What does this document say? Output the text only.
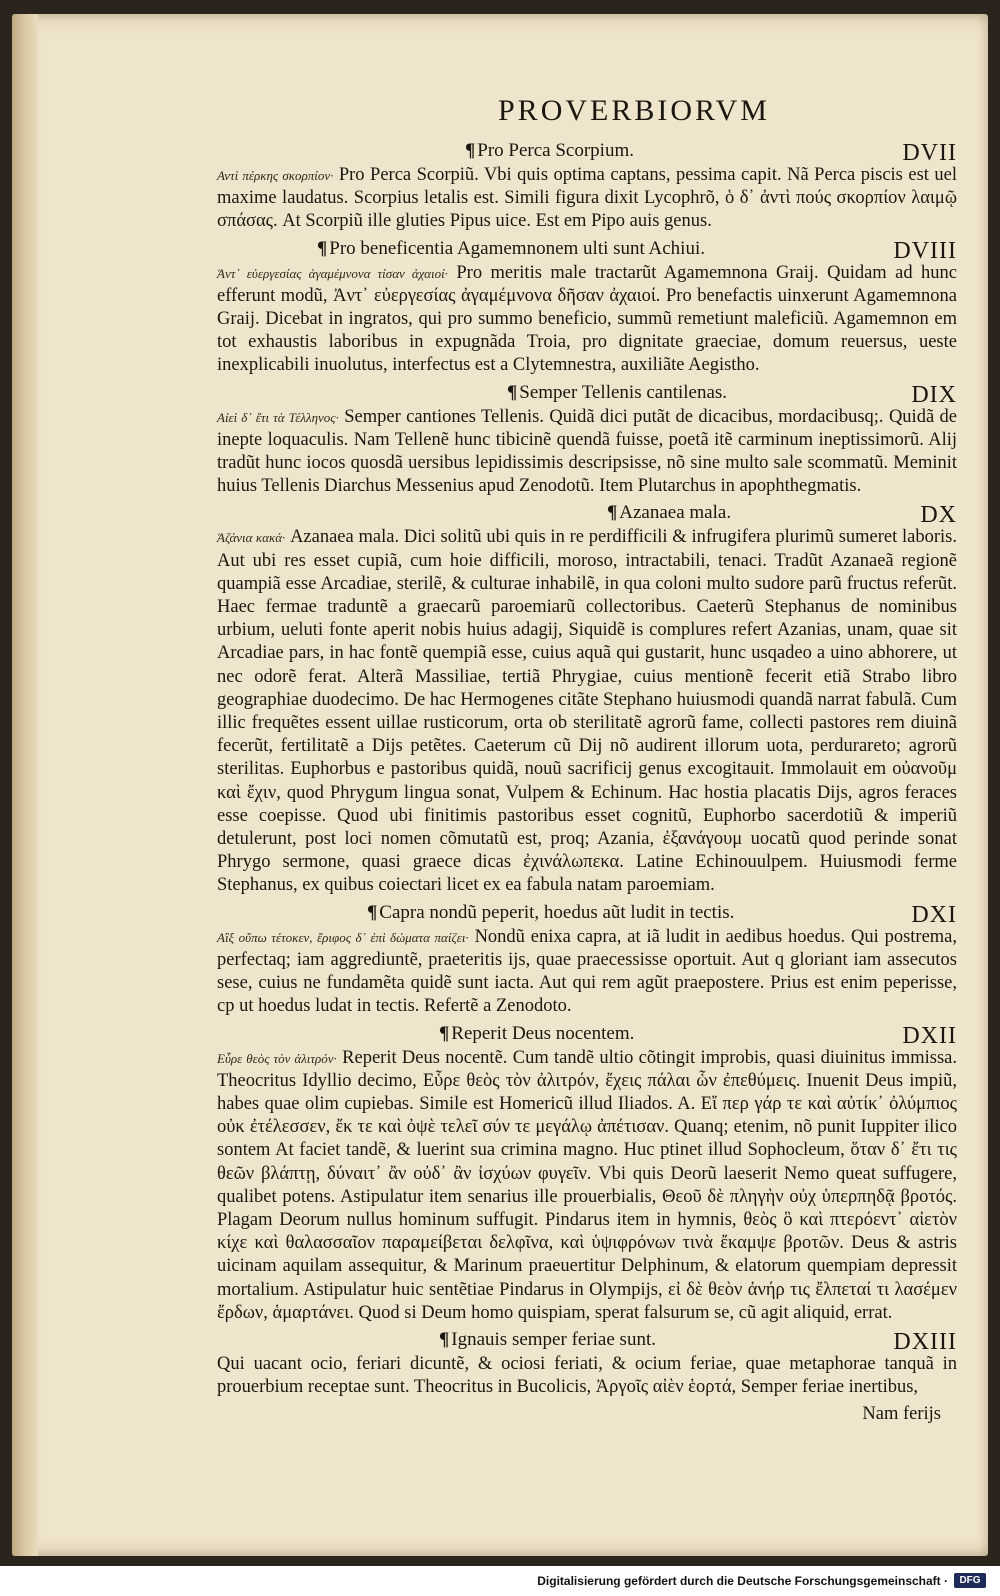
PROVERBIORVM
¶ Pro Perca Scorpium.	DVII

Αντὶ πέρκης σκορπίον· Pro Perca Scorpiũ. Vbi quis optima captans, pessima capit. Nã Perca piscis est uel maxime laudatus. Scorpius letalis est. Simili figura dixit Lycophrõ, ὁ δ᾽ ἀντὶ πούς σκορπίον λαιμῷ σπάσας. At Scorpiũ ille gluties Pipus uice. Est em Pipo auis genus.

¶ Pro beneficentia Agamemnonem ulti sunt Achiui.	DVIII

Ἀντ᾽ εὐεργεσίας ἀγαμέμνονα τίσαν ἀχαιοί· Pro meritis male tractarũt Agamemnona Graij. Quidam ad hunc efferunt modũ, Ἀντ᾽ εὐεργεσίας ἀγαμέμνονα δῆσαν ἀχαιοί. Pro benefactis uinxerunt Agamemnona Graij. Dicebat in ingratos, qui pro summo beneficio, summũ remetiunt maleficiũ. Agamemnon em tot exhaustis laboribus in expugnãda Troia, pro dignitate graeciae, domum reuersus, ueste inexplicabili inuolutus, interfectus est a Clytemnestra, auxiliãte Aegistho.

¶ Semper Tellenis cantilenas.	DIX

Αἰεὶ δ᾽ ἔτι τὰ Τέλληνος· Semper cantiones Tellenis. Quidã dici putãt de dicacibus, mordacibusq;. Quidã de inepte loquaculis. Nam Tellenẽ hunc tibicinẽ quendã fuisse, poetã itẽ carminum ineptissimorũ. Alij tradũt hunc iocos quosdã uersibus lepidissimis descripsisse, nõ sine multo sale scommatũ. Meminit huius Tellenis Diarchus Messenius apud Zenodotũ. Item Plutarchus in apophthegmatis.

¶ Azanaea mala.	DX

Ἀζάνια κακά· Azanaea mala. Dici solitũ ubi quis in re perdifficili & infrugifera plurimũ sumeret laboris. Aut ubi res esset cupiã, cum hoie difficili, moroso, intractabili, tenaci. Tradũt Azanaeã regionẽ quampiã esse Arcadiae, sterilẽ, & culturae inhabilẽ, in qua coloni multo sudore parũ fructus referũt. Haec fermae traduntẽ a graecarũ paroemiarũ collectoribus. Caeterũ Stephanus de nominibus urbium, ueluti fonte aperit nobis huius adagij, Siquidẽ is complures refert Azanias, unam, quae sit Arcadiae pars, in hac fontẽ quempiã esse, cuius aquã qui gustarit, hunc usqadeo a uino abhorere, ut nec odorẽ ferat. Alterã Massiliae, tertiã Phrygiae, cuius mentionẽ fecerit etiã Strabo libro geographiae duodecimo. De hac Hermogenes citãte Stephano huiusmodi quandã narrat fabulã. Cum illic frequẽtes essent uillae rusticorum, orta ob sterilitatẽ agrorũ fame, collecti pastores rem diuinã fecerũt, fertilitatẽ a Dijs petẽtes. Caeterum cũ Dij nõ audirent illorum uota, perdurareto; agrorũ sterilitas. Euphorbus e pastoribus quidã, nouũ sacrificij genus excogitauit. Immolauit em οὐανοῦμ καὶ ἔχιν, quod Phrygum lingua sonat, Vulpem & Echinum. Hac hostia placatis Dijs, agros feraces esse coepisse. Quod ubi finitimis pastoribus esset cognitũ, Euphorbo sacerdotiũ & imperiũ detulerunt, post loci nomen cõmutatũ est, proq; Azania, ἐξανάγουμ uocatũ quod perinde sonat Phrygo sermone, quasi graece dicas ἐχινάλωπεκα. Latine Echinouulpem. Huiusmodi ferme Stephanus, ex quibus coiectari licet ex ea fabula natam paroemiam.

¶ Capra nondũ peperit, hoedus aũt ludit in tectis.	DXI

Αἲξ οὔπω τέτοκεν, ἔριφος δ᾽ ἐπὶ δώματα παίζει· Nondũ enixa capra, at iã ludit in aedibus hoedus. Qui postrema, perfectaq; iam aggrediuntẽ, praeteritis ijs, quae praecessisse oportuit. Aut q gloriant iam assecutos sese, cuius ne fundamẽta quidẽ sunt iacta. Aut qui rem agũt praepostere. Prius est enim peperisse, cp ut hoedus ludat in tectis. Refertẽ a Zenodoto.

¶ Reperit Deus nocentem.	DXII

Εὗρε θεὸς τὸν ἀλιτρόν· Reperit Deus nocentẽ. Cum tandẽ ultio cõtingit improbis, quasi diuinitus immissa. Theocritus Idyllio decimo, Εὗρε θεὸς τὸν ἀλιτρόν, ἔχεις πάλαι ὧν ἐπεθύμεις. Inuenit Deus impiũ, habes quae olim cupiebas. Simile est Homericũ illud Iliados. A. Εἴ περ γάρ τε καὶ αὐτίκ᾽ ὀλύμπιος οὐκ ἐτέλεσσεν, ἔκ τε καὶ ὀψὲ τελεῖ σύν τε μεγάλῳ ἀπέτισαν. Quanq; etenim, nõ punit Iuppiter ilico sontem At faciet tandẽ, & luerint sua crimina magno. Huc ptinet illud Sophocleum, ὅταν δ᾽ ἔτι τις θεῶν βλάπτῃ, δύναιτ᾽ ἂν οὐδ᾽ ἂν ἰσχύων φυγεῖν. Vbi quis Deorũ laeserit Nemo queat suffugere, qualibet potens. Astipulatur item senarius ille prouerbialis, Θεοῦ δὲ πληγὴν οὐχ ὑπερπηδᾷ βροτός. Plagam Deorum nullus hominum suffugit. Pindarus item in hymnis, θεὸς ὃ καὶ πτερόεντ᾽ αἰετὸν κίχε καὶ θαλασσαῖον παραμείβεται δελφῖνα, καὶ ὑψιφρόνων τινὰ ἔκαμψε βροτῶν. Deus & astris uicinam aquilam assequitur, & Marinum praeuertitur Delphinum, & elatorum quempiam depressit mortalium. Astipulatur huic sentẽtiae Pindarus in Olympijs, εἰ δὲ θεὸν ἀνήρ τις ἔλπεταί τι λασέμεν ἔρδων, ἁμαρτάνει. Quod si Deum homo quispiam, sperat falsurum se, cũ agit aliquid, errat.

¶ Ignauis semper feriae sunt.	DXIII

Qui uacant ocio, feriari dicuntẽ, & ociosi feriati, & ocium feriae, quae metaphorae tanquã in prouerbium receptae sunt. Theocritus in Bucolicis, Ἀργοῖς αἰὲν ἑορτά, Semper feriae inertibus,

Nam ferijs
Digitalisierung gefördert durch die Deutsche Forschungsgemeinschaft ·	DFG
